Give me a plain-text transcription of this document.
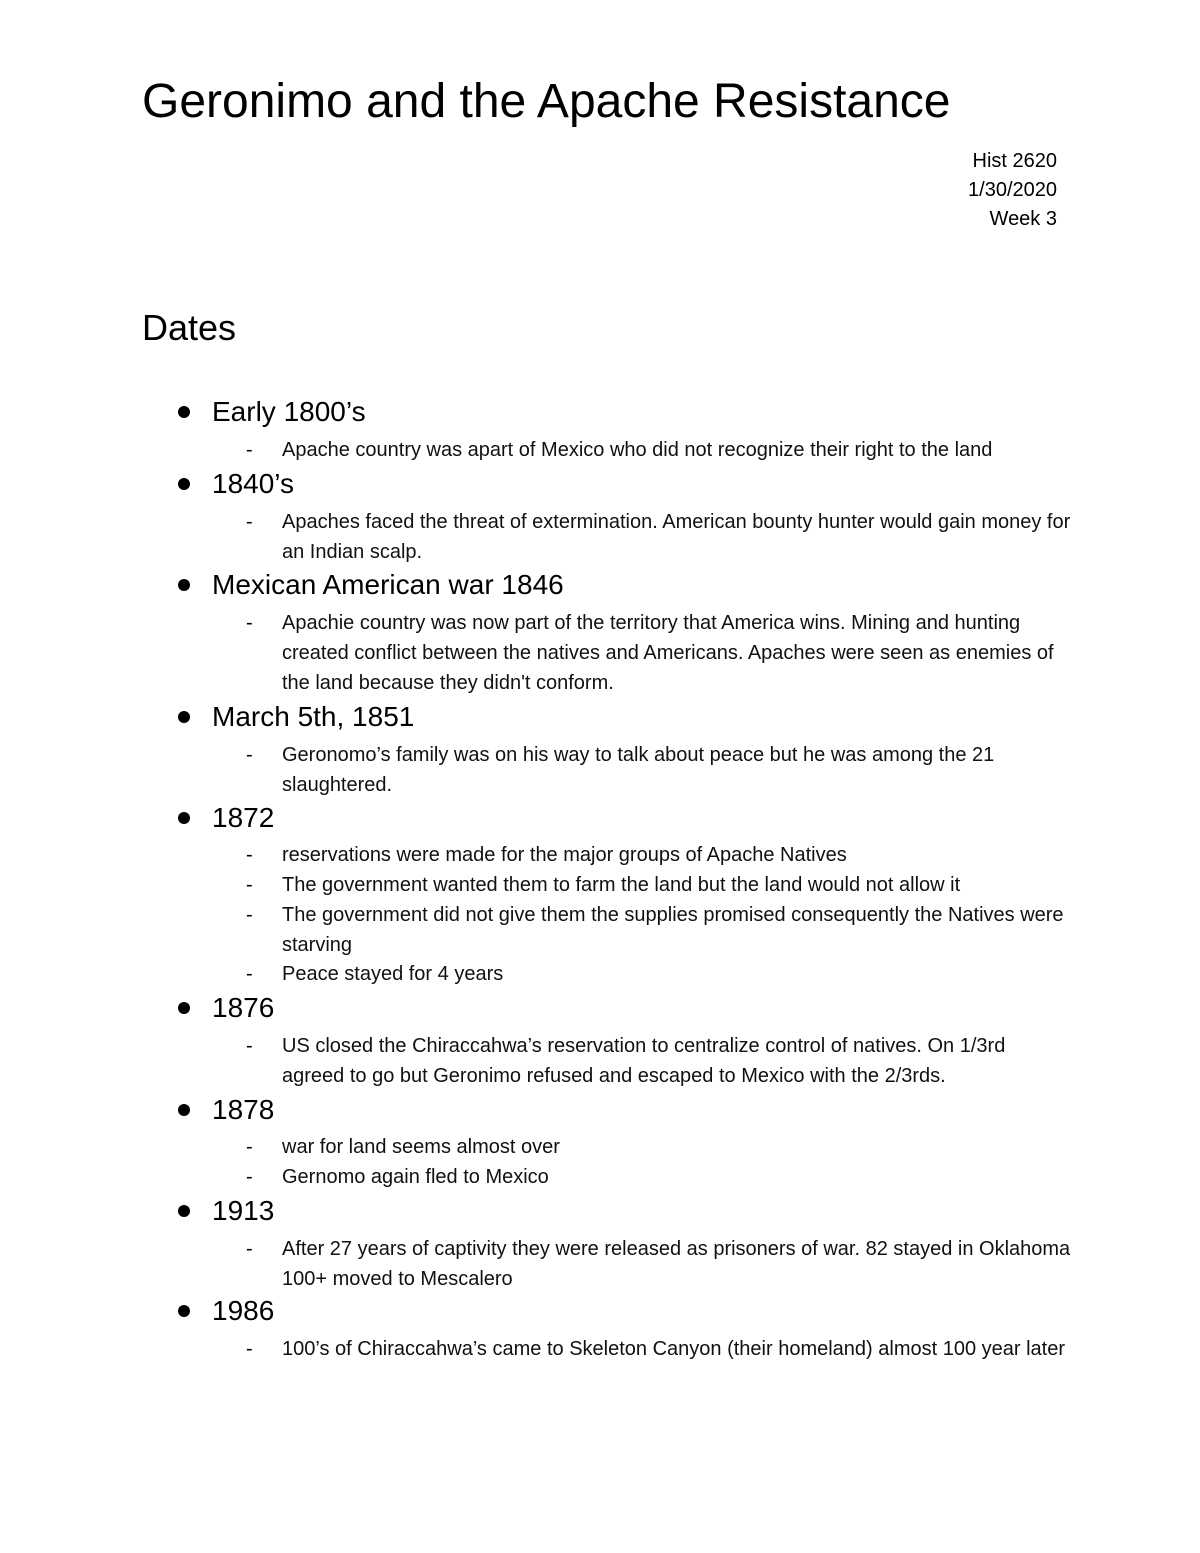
Geronimo and the Apache Resistance
Hist 2620
1/30/2020
Week 3
Dates
Early 1800’s
- Apache country was apart of Mexico who did not recognize their right to the land
1840’s
- Apaches faced the threat of extermination. American bounty hunter would gain money for an Indian scalp.
Mexican American war 1846
- Apachie country was now part of the territory that America wins. Mining and hunting created conflict between the natives and Americans. Apaches were seen as enemies of the land because they didn't conform.
March 5th, 1851
- Geronomo’s family was on his way to talk about peace but he was among the 21 slaughtered.
1872
- reservations were made for the major groups of Apache Natives
- The government wanted them to farm the land but the land would not allow it
- The government did not give them the supplies promised consequently the Natives were starving
- Peace stayed for 4 years
1876
- US closed the Chiraccahwa’s reservation to centralize control of natives. On 1/3rd agreed to go but Geronimo refused and escaped to Mexico with the 2/3rds.
1878
- war for land seems almost over
- Gernomo again fled to Mexico
1913
- After 27 years of captivity they were released as prisoners of war. 82 stayed in Oklahoma 100+ moved to Mescalero
1986
- 100’s of Chiraccahwa’s came to Skeleton Canyon (their homeland) almost 100 year later
